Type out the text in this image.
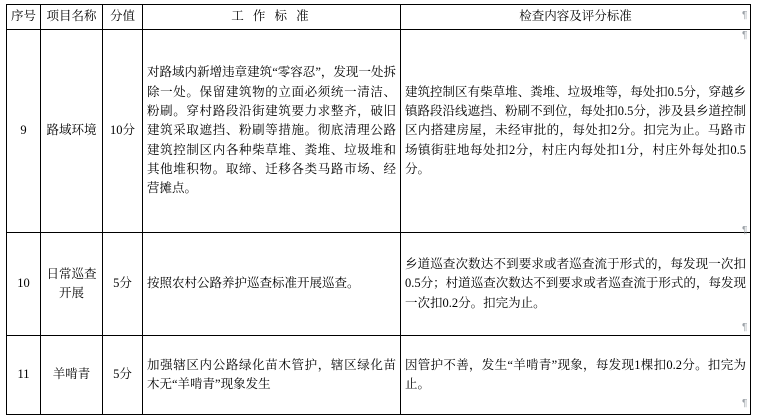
序号	项目名称	分值	工 作 标 准	检查内容及评分标准
9	路域环境	10分	对路域内新增违章建筑“零容忍”，发现一处拆除一处。保留建筑物的立面必须统一清洁、粉刷。穿村路段沿街建筑要力求整齐，破旧建筑采取遮挡、粉刷等措施。彻底清理公路建筑控制区内各种柴草堆、粪堆、垃圾堆和其他堆积物。取缔、迁移各类马路市场、经营摊点。	建筑控制区有柴草堆、粪堆、垃圾堆等，每处扣0.5分，穿越乡镇路段沿线遮挡、粉刷不到位，每处扣0.5分，涉及县乡道控制区内搭建房屋，未经审批的，每处扣2分。扣完为止。马路市场镇街驻地每处扣2分，村庄内每处扣1分，村庄外每处扣0.5分。
10	日常巡查开展	5分	按照农村公路养护巡查标准开展巡查。	乡道巡查次数达不到要求或者巡查流于形式的，每发现一次扣0.5分；村道巡查次数达不到要求或者巡查流于形式的，每发现一次扣0.2分。扣完为止。
11	羊啃青	5分	加强辖区内公路绿化苗木管护，辖区绿化苗木无“羊啃青”现象发生	因管护不善，发生“羊啃青”现象，每发现1棵扣0.2分。扣完为止。
¶
¶
¶
¶
¶
